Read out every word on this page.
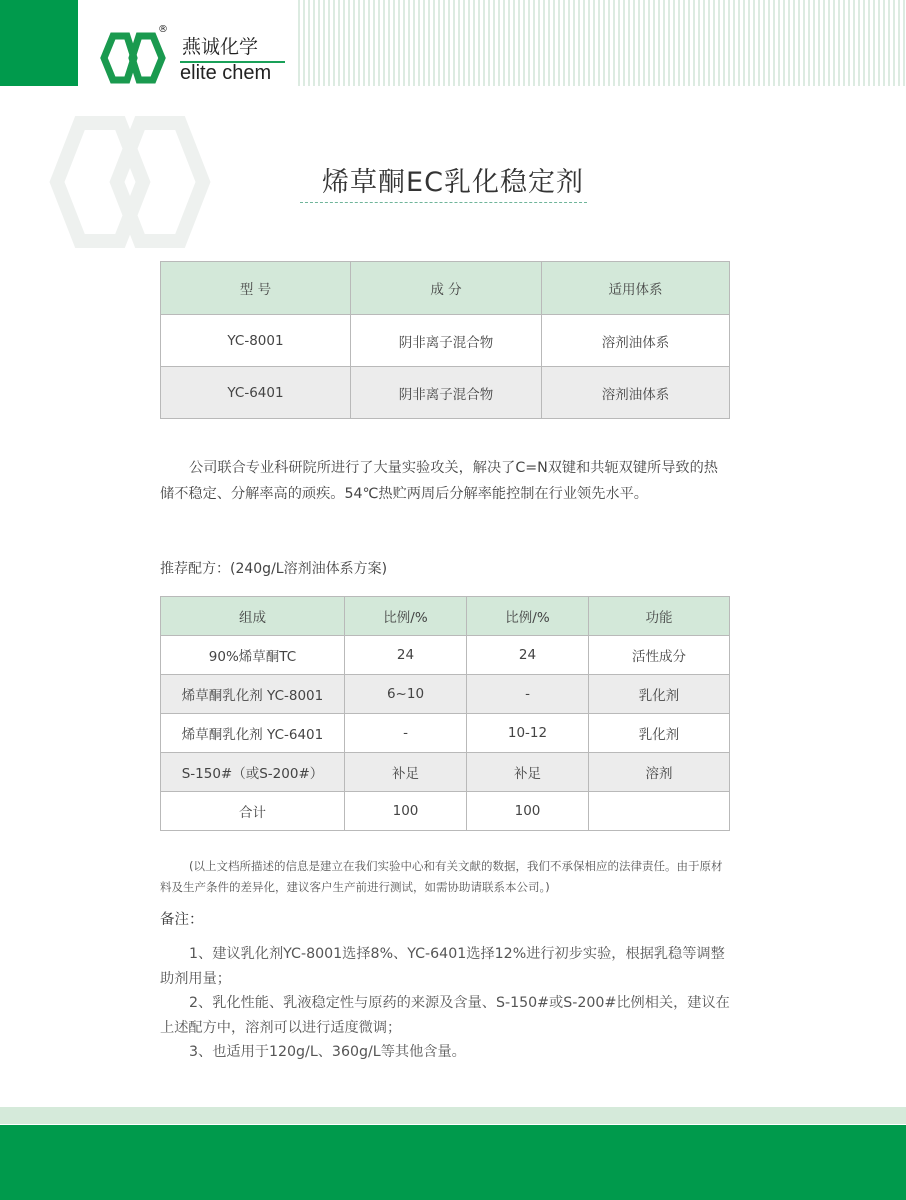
®
燕诚化学
elite chem
烯草酮EC乳化稳定剂
型 号	成 分	适用体系
YC-8001	阴非离子混合物	溶剂油体系
YC-6401	阴非离子混合物	溶剂油体系
公司联合专业科研院所进行了大量实验攻关，解决了C=N双键和共轭双键所导致的热储不稳定、分解率高的顽疾。54℃热贮两周后分解率能控制在行业领先水平。
推荐配方：(240g/L溶剂油体系方案)
组成	比例/%	比例/%	功能
90%烯草酮TC	24	24	活性成分
烯草酮乳化剂 YC-8001	6~10	-	乳化剂
烯草酮乳化剂 YC-6401	-	10-12	乳化剂
S-150#（或S-200#）	补足	补足	溶剂
合计	100	100	
(以上文档所描述的信息是建立在我们实验中心和有关文献的数据，我们不承保相应的法律责任。由于原材料及生产条件的差异化，建议客户生产前进行测试，如需协助请联系本公司。)
备注：

1、建议乳化剂YC-8001选择8%、YC-6401选择12%进行初步实验，根据乳稳等调整助剂用量；

2、乳化性能、乳液稳定性与原药的来源及含量、S-150#或S-200#比例相关，建议在上述配方中，溶剂可以进行适度微调；

3、也适用于120g/L、360g/L等其他含量。
